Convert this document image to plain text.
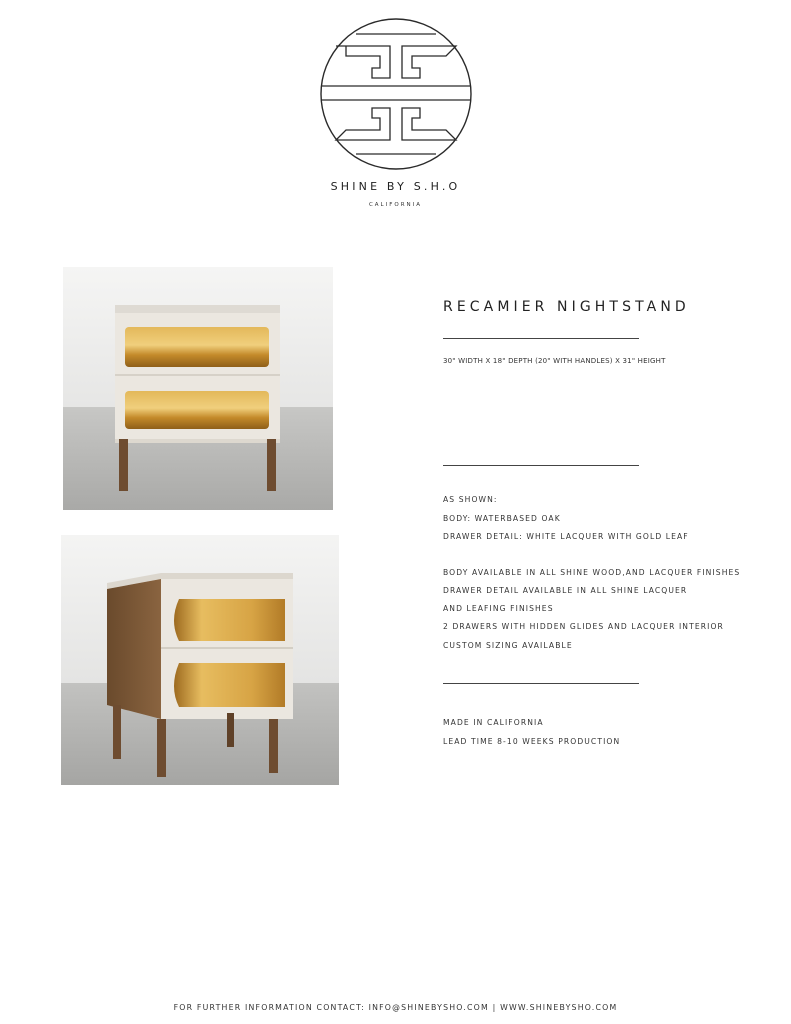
SHINE BY S.H.O
CALIFORNIA
RECAMIER NIGHTSTAND
30" WIDTH X 18" DEPTH (20" WITH HANDLES) X 31" HEIGHT
AS SHOWN:
BODY: WATERBASED OAK
DRAWER DETAIL: WHITE LACQUER WITH GOLD LEAF
BODY AVAILABLE IN ALL SHINE WOOD,AND LACQUER FINISHES
DRAWER DETAIL AVAILABLE IN ALL SHINE LACQUER
AND LEAFING FINISHES
2 DRAWERS WITH HIDDEN GLIDES AND LACQUER INTERIOR
CUSTOM SIZING AVAILABLE
MADE IN CALIFORNIA
LEAD TIME 8-10 WEEKS PRODUCTION
FOR FURTHER INFORMATION CONTACT: INFO@SHINEBYSHO.COM | WWW.SHINEBYSHO.COM
